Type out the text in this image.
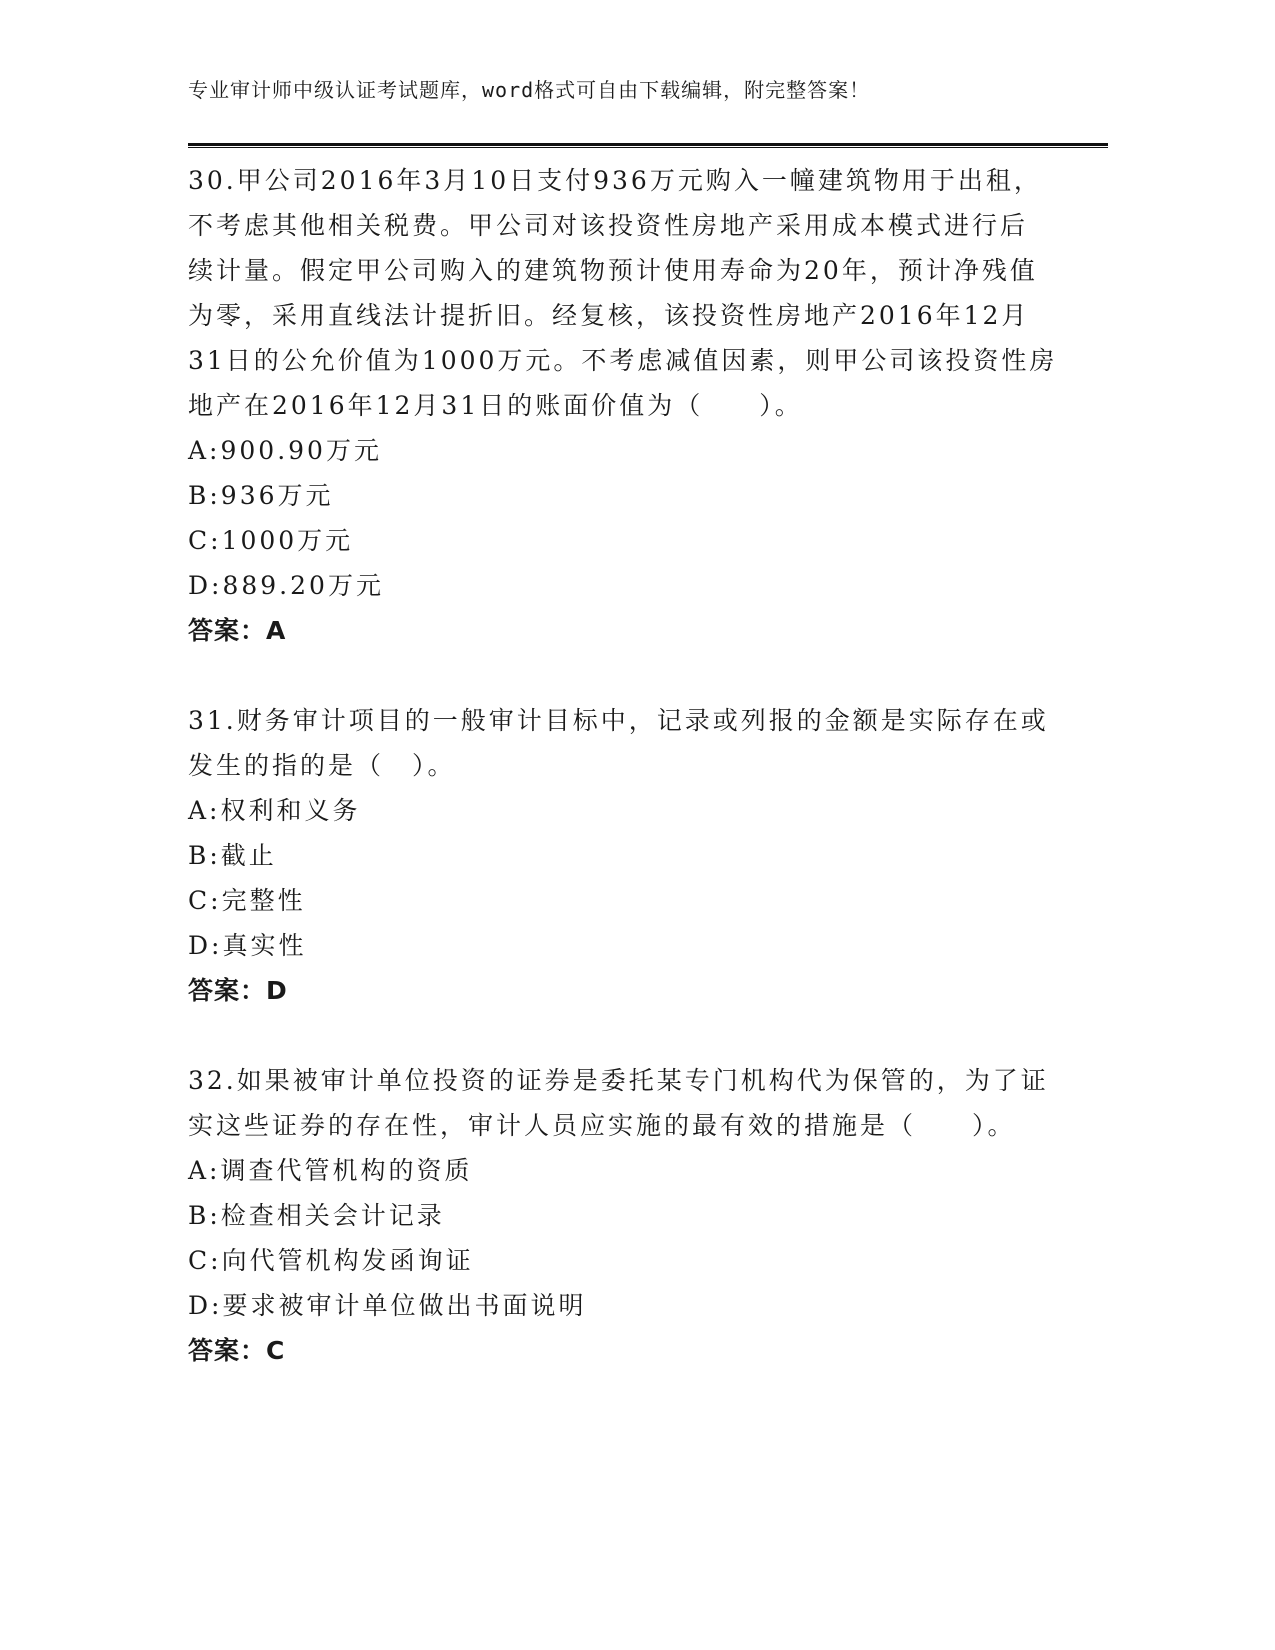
专业审计师中级认证考试题库，word格式可自由下载编辑，附完整答案！
30.甲公司2016年3月10日支付936万元购入一幢建筑物用于出租，
不考虑其他相关税费。甲公司对该投资性房地产采用成本模式进行后
续计量。假定甲公司购入的建筑物预计使用寿命为20年，预计净残值
为零，采用直线法计提折旧。经复核，该投资性房地产2016年12月
31日的公允价值为1000万元。不考虑减值因素，则甲公司该投资性房
地产在2016年12月31日的账面价值为（　　）。
A: 900.90万元
B: 936万元
C: 1000万元
D: 889.20万元
答案：A
31.财务审计项目的一般审计目标中，记录或列报的金额是实际存在或
发生的指的是（　）。
A: 权利和义务
B: 截止
C: 完整性
D: 真实性
答案：D
32.如果被审计单位投资的证券是委托某专门机构代为保管的，为了证
实这些证券的存在性，审计人员应实施的最有效的措施是（　　）。
A: 调查代管机构的资质
B: 检查相关会计记录
C: 向代管机构发函询证
D: 要求被审计单位做出书面说明
答案：C
